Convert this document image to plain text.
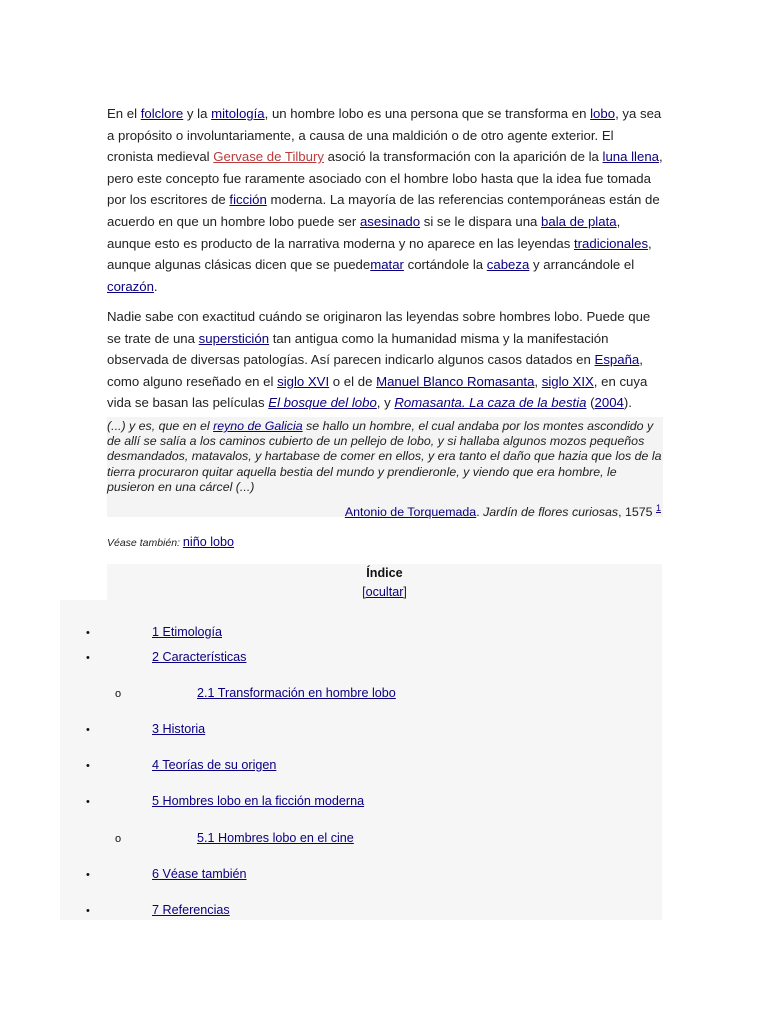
En el folclore y la mitología, un hombre lobo es una persona que se transforma en lobo, ya sea a propósito o involuntariamente, a causa de una maldición o de otro agente exterior. El cronista medieval Gervase de Tilbury asoció la transformación con la aparición de la luna llena, pero este concepto fue raramente asociado con el hombre lobo hasta que la idea fue tomada por los escritores de ficción moderna. La mayoría de las referencias contemporáneas están de acuerdo en que un hombre lobo puede ser asesinado si se le dispara una bala de plata, aunque esto es producto de la narrativa moderna y no aparece en las leyendas tradicionales, aunque algunas clásicas dicen que se puedematar cortándole la cabeza y arrancándole el corazón.

Nadie sabe con exactitud cuándo se originaron las leyendas sobre hombres lobo. Puede que se trate de una superstición tan antigua como la humanidad misma y la manifestación observada de diversas patologías. Así parecen indicarlo algunos casos datados en España, como alguno reseñado en el siglo XVI o el de Manuel Blanco Romasanta, siglo XIX, en cuya vida se basan las películas El bosque del lobo, y Romasanta. La caza de la bestia (2004).

(...) y es, que en el reyno de Galicia se hallo un hombre, el cual andaba por los montes ascondido y de allí se salía a los caminos cubierto de un pellejo de lobo, y si hallaba algunos mozos pequeños desmandados, matavalos, y hartabase de comer en ellos, y era tanto el daño que hazia que los de la tierra procuraron quitar aquella bestia del mundo y prendieronle, y viendo que era hombre, le pusieron en una cárcel (...)
Antonio de Torquemada. Jardín de flores curiosas, 1575 $^1$
Véase también: niño lobo
Índice
[ocultar]
•	1 Etimología
•	2 Características
o	2.1 Transformación en hombre lobo
•	3 Historia
•	4 Teorías de su origen
•	5 Hombres lobo en la ficción moderna
o	5.1 Hombres lobo en el cine
•	6 Véase también
•	7 Referencias
